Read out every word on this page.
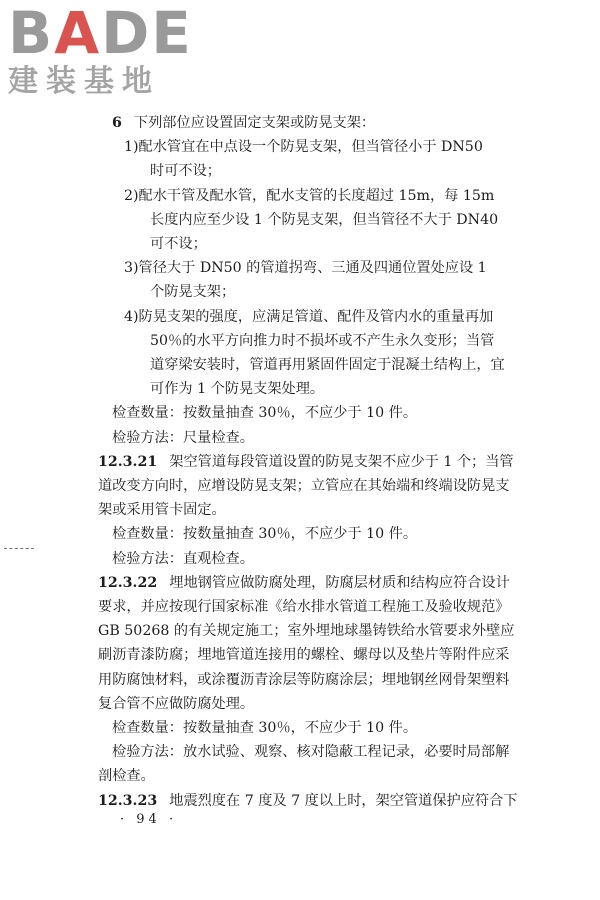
BADE
建装基地
6 下列部位应设置固定支架或防晃支架：
1)配水管宜在中点设一个防晃支架，但当管径小于 DN50
时可不设；
2)配水干管及配水管，配水支管的长度超过 15m，每 15m
长度内应至少设 1 个防晃支架，但当管径不大于 DN40
可不设；
3)管径大于 DN50 的管道拐弯、三通及四通位置处应设 1
个防晃支架；
4)防晃支架的强度，应满足管道、配件及管内水的重量再加
50％的水平方向推力时不损坏或不产生永久变形；当管
道穿梁安装时，管道再用紧固件固定于混凝土结构上，宜
可作为 1 个防晃支架处理。
检查数量：按数量抽查 30％，不应少于 10 件。
检验方法：尺量检查。
12.3.21 架空管道每段管道设置的防晃支架不应少于 1 个；当管
道改变方向时，应增设防晃支架；立管应在其始端和终端设防晃支
架或采用管卡固定。
检查数量：按数量抽查 30％，不应少于 10 件。
检验方法：直观检查。
12.3.22 埋地钢管应做防腐处理，防腐层材质和结构应符合设计
要求，并应按现行国家标准《给水排水管道工程施工及验收规范》
GB 50268 的有关规定施工；室外埋地球墨铸铁给水管要求外壁应
刷沥青漆防腐；埋地管道连接用的螺栓、螺母以及垫片等附件应采
用防腐蚀材料，或涂覆沥青涂层等防腐涂层；埋地钢丝网骨架塑料
复合管不应做防腐处理。
检查数量：按数量抽查 30％，不应少于 10 件。
检验方法：放水试验、观察、核对隐蔽工程记录，必要时局部解
剖检查。
12.3.23 地震烈度在 7 度及 7 度以上时，架空管道保护应符合下
· 94 ·
